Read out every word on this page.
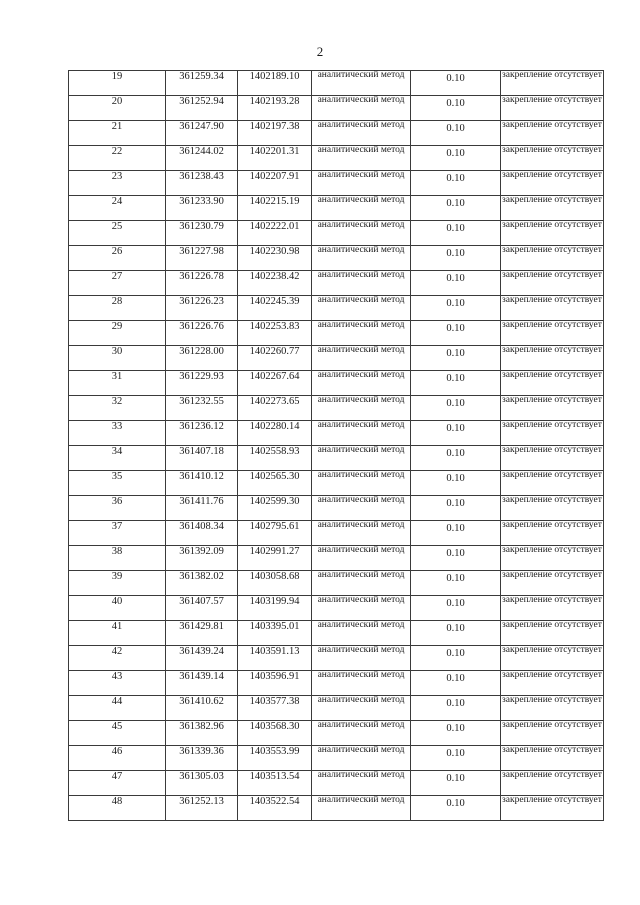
2
19	361259.34	1402189.10	аналитический метод	0.10	закрепление отсутствует
20	361252.94	1402193.28	аналитический метод	0.10	закрепление отсутствует
21	361247.90	1402197.38	аналитический метод	0.10	закрепление отсутствует
22	361244.02	1402201.31	аналитический метод	0.10	закрепление отсутствует
23	361238.43	1402207.91	аналитический метод	0.10	закрепление отсутствует
24	361233.90	1402215.19	аналитический метод	0.10	закрепление отсутствует
25	361230.79	1402222.01	аналитический метод	0.10	закрепление отсутствует
26	361227.98	1402230.98	аналитический метод	0.10	закрепление отсутствует
27	361226.78	1402238.42	аналитический метод	0.10	закрепление отсутствует
28	361226.23	1402245.39	аналитический метод	0.10	закрепление отсутствует
29	361226.76	1402253.83	аналитический метод	0.10	закрепление отсутствует
30	361228.00	1402260.77	аналитический метод	0.10	закрепление отсутствует
31	361229.93	1402267.64	аналитический метод	0.10	закрепление отсутствует
32	361232.55	1402273.65	аналитический метод	0.10	закрепление отсутствует
33	361236.12	1402280.14	аналитический метод	0.10	закрепление отсутствует
34	361407.18	1402558.93	аналитический метод	0.10	закрепление отсутствует
35	361410.12	1402565.30	аналитический метод	0.10	закрепление отсутствует
36	361411.76	1402599.30	аналитический метод	0.10	закрепление отсутствует
37	361408.34	1402795.61	аналитический метод	0.10	закрепление отсутствует
38	361392.09	1402991.27	аналитический метод	0.10	закрепление отсутствует
39	361382.02	1403058.68	аналитический метод	0.10	закрепление отсутствует
40	361407.57	1403199.94	аналитический метод	0.10	закрепление отсутствует
41	361429.81	1403395.01	аналитический метод	0.10	закрепление отсутствует
42	361439.24	1403591.13	аналитический метод	0.10	закрепление отсутствует
43	361439.14	1403596.91	аналитический метод	0.10	закрепление отсутствует
44	361410.62	1403577.38	аналитический метод	0.10	закрепление отсутствует
45	361382.96	1403568.30	аналитический метод	0.10	закрепление отсутствует
46	361339.36	1403553.99	аналитический метод	0.10	закрепление отсутствует
47	361305.03	1403513.54	аналитический метод	0.10	закрепление отсутствует
48	361252.13	1403522.54	аналитический метод	0.10	закрепление отсутствует
